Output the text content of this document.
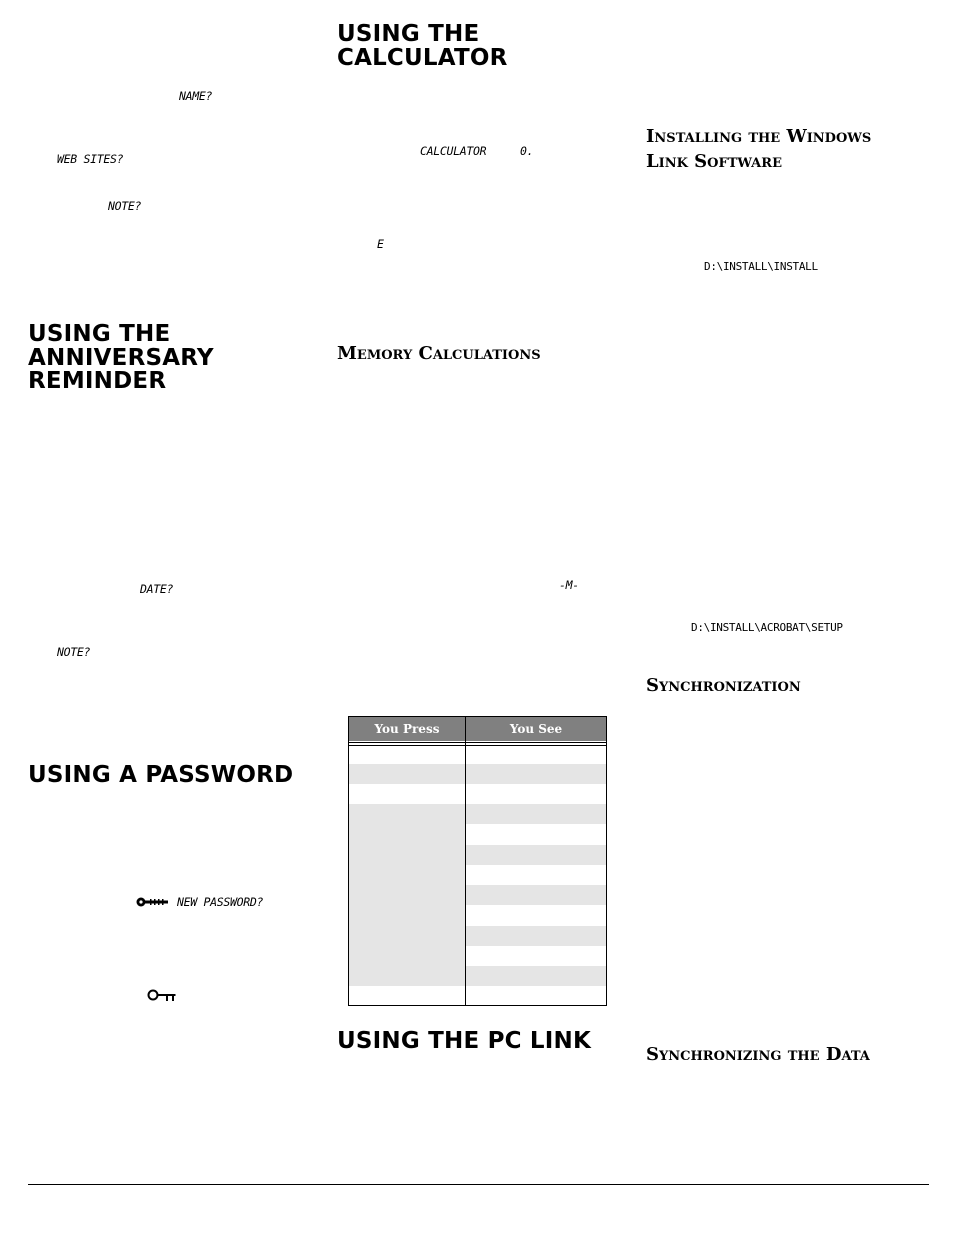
NAME?
WEB SITES?
NOTE?
USING THE
ANNIVERSARY
REMINDER
DATE?
NOTE?
USING A PASSWORD
NEW PASSWORD?
USING THE
CALCULATOR
CALCULATOR	0.
E
Memory Calculations
-M-
You Press	You See
USING THE PC LINK
Installing the Windows
Link Software
D:\INSTALL\INSTALL
D:\INSTALL\ACROBAT\SETUP
Synchronization
Synchronizing the Data
